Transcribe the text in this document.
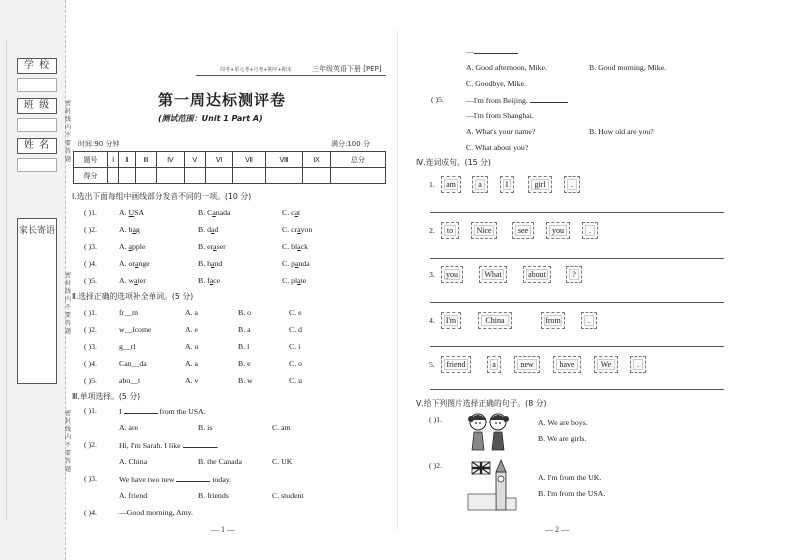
学 校
班 级
姓 名
家长寄语
密封线内不要答题
密封线内不要答题
密封线内不要答题
周考+单元考+月考+期中+期末	三年级英语下册 [PEP]
第一周达标测评卷
(测试范围：Unit 1 Part A)
时间:90 分钟	满分:100 分
题号	Ⅰ	Ⅱ	Ⅲ	Ⅳ	Ⅴ	Ⅵ	Ⅶ	Ⅷ	Ⅸ	总分
得分										
Ⅰ.选出下面每组中画线部分发音不同的一项。(10 分)
( )1.	A. USA	B. Canada	C. cat
( )2.	A. bag	B. dad	C. crayon
( )3.	A. apple	B. eraser	C. black
( )4.	A. orange	B. hand	C. panda
( )5.	A. water	B. face	C. plate
Ⅱ.选择正确的选项补全单词。(5 分)
( )1.	fr__m	A. a	B. o	C. e
( )2.	w__lcome	A. e	B. a	C. d
( )3.	g__rl	A. u	B. l	C. i
( )4.	Can__da	A. a	B. e	C. o
( )5.	abo__t	A. v	B. w	C. u
Ⅲ.单项选择。(5 分)
( )1.	I	from the USA.
A. are	B. is	C. am
( )2.	Hi, I'm Sarah. I like	.
A. China	B. the Canada	C. UK
( )3.	We have two new	today.
A. friend	B. friends	C. student
( )4.	—Good morning, Amy.
— 1 —
—
A. Good afternoon, Mike.	B. Good morning, Mike.
C. Goodbye, Mike.
( )5.	—I'm from Beijing.
—I'm from Shanghai.
A. What's your name?	B. How old are you?
C. What about you?
Ⅳ.连词成句。(15 分)
1.	am	a	I	girl	.
2.	to	Nice	see	you	.
3.	you	What	about	?
4.	I'm	China	from	.
5.	friend	a	new	have	We	.
Ⅴ.给下列图片选择正确的句子。(8 分)
( )1.	A. We are boys.
B. We are girls.
( )2.
A. I'm from the UK.
B. I'm from the USA.
— 2 —
